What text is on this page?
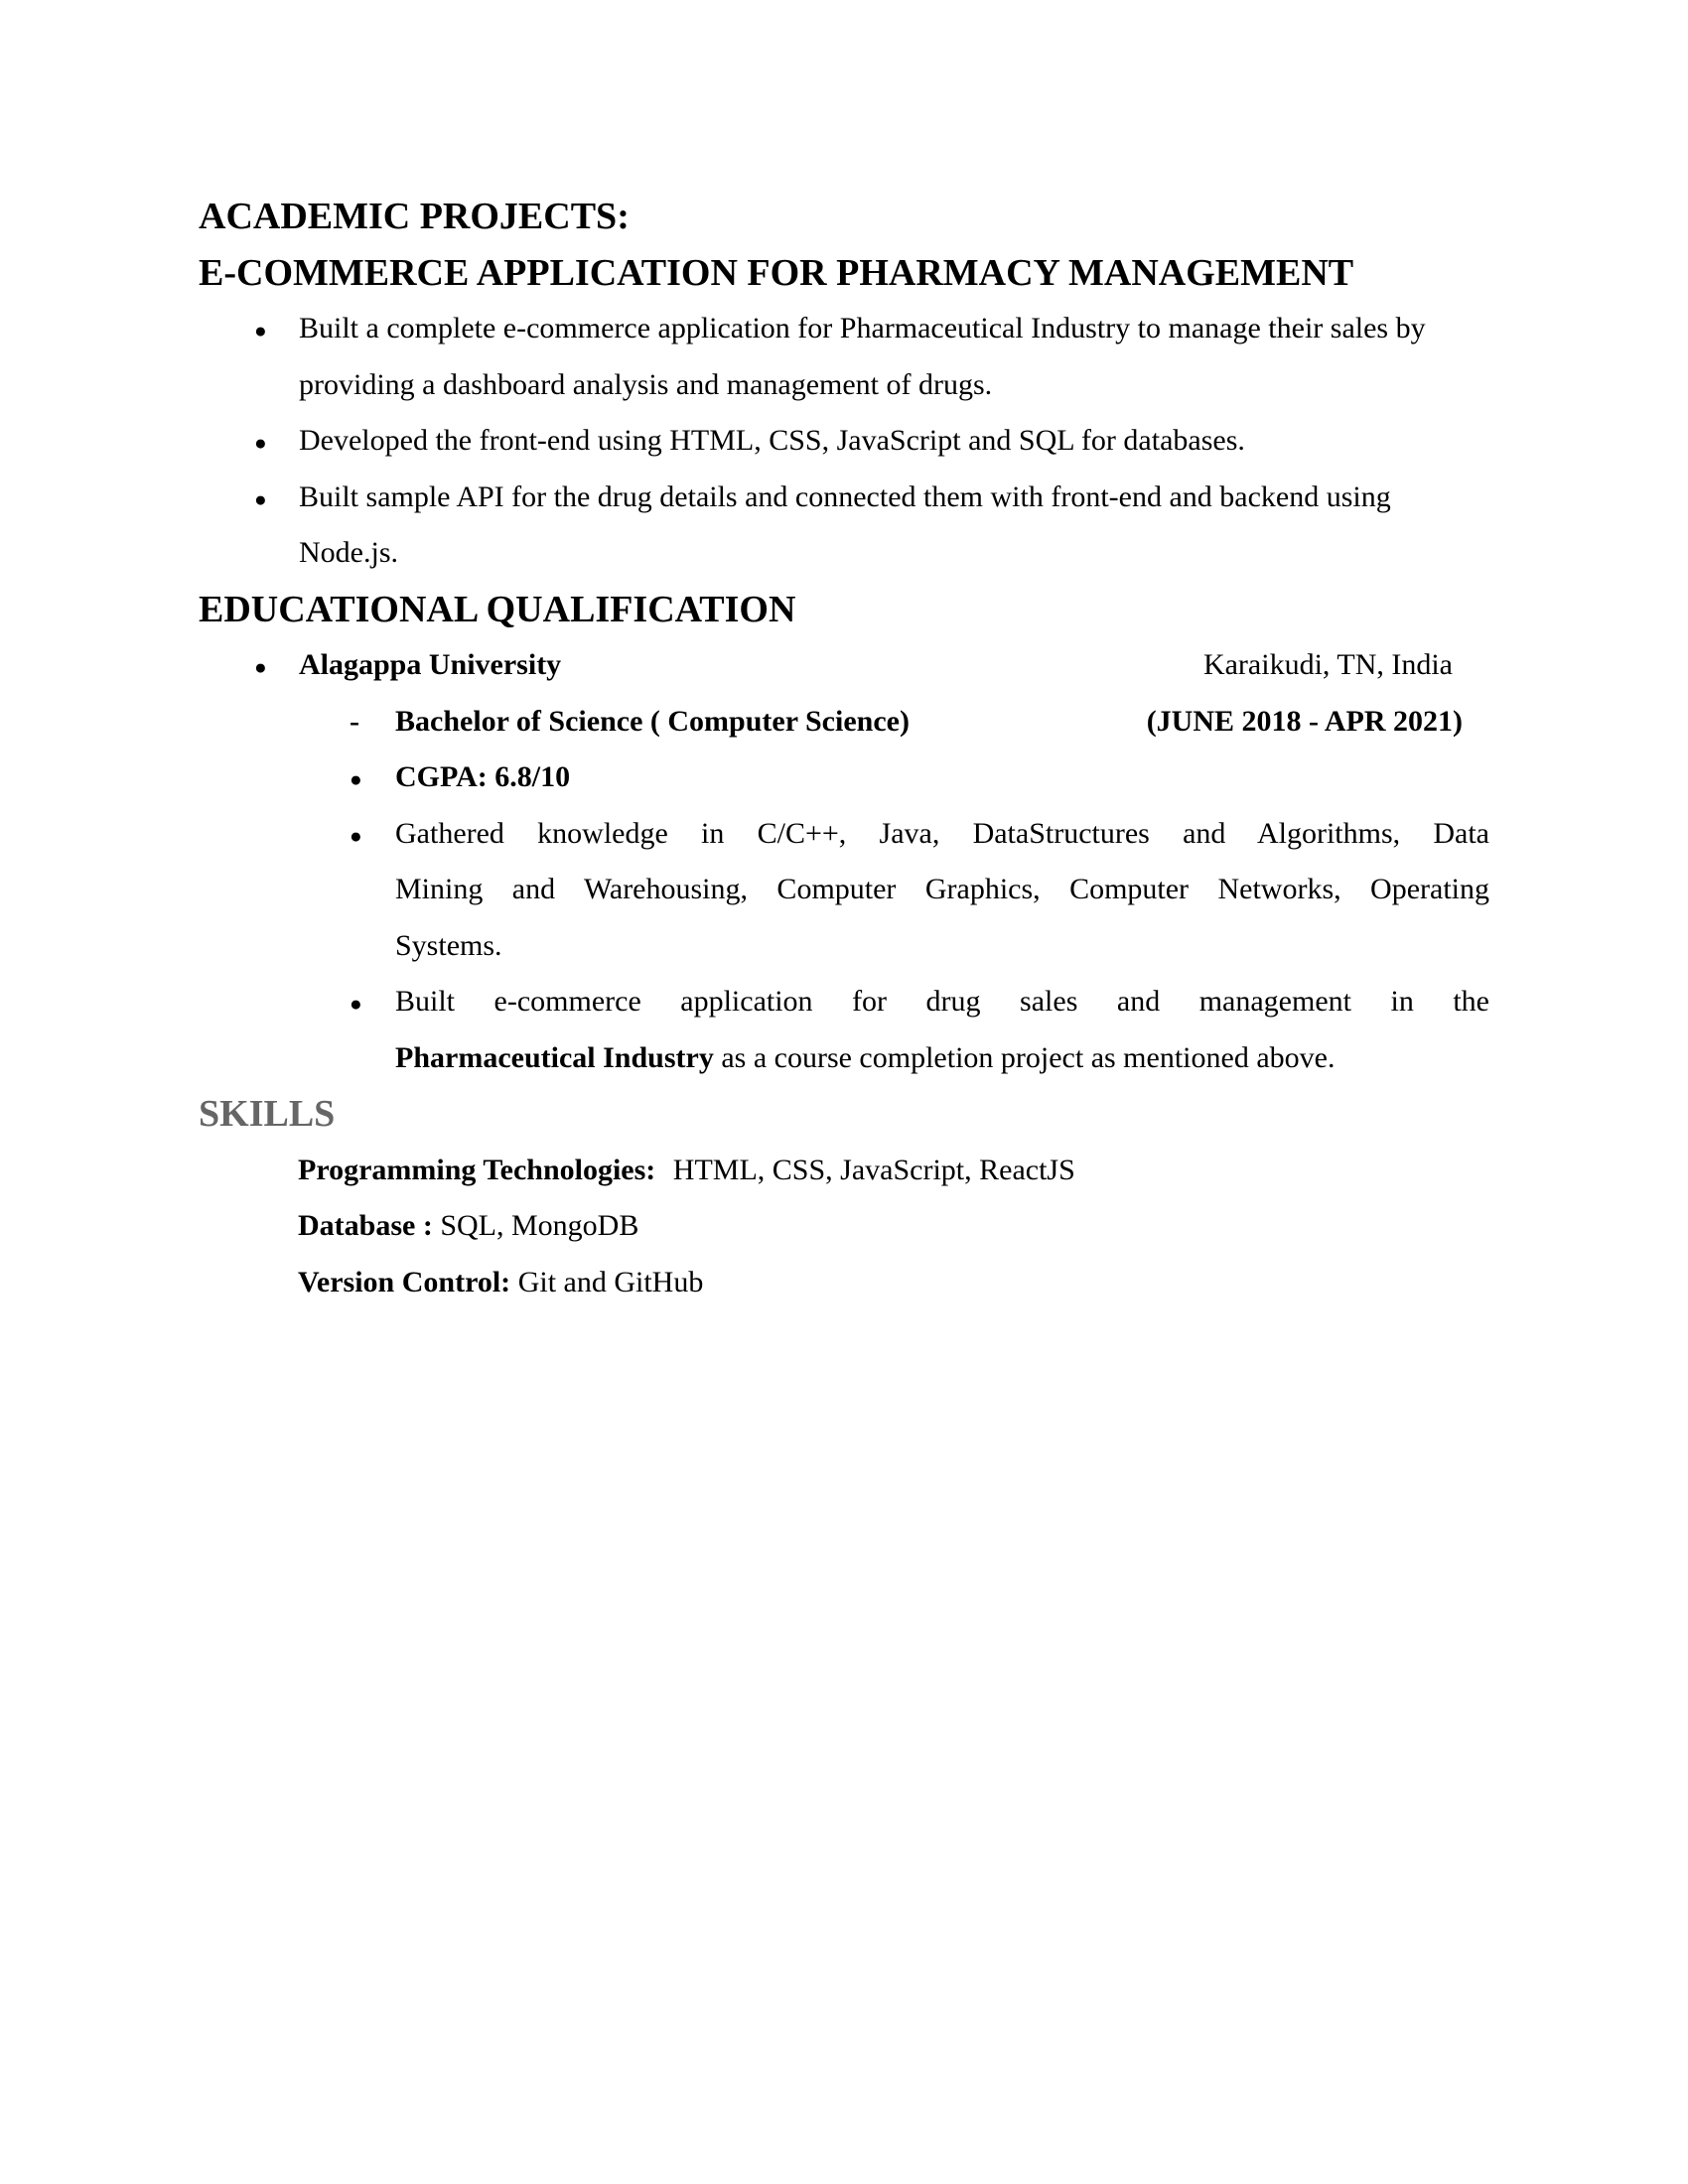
ACADEMIC PROJECTS:
E-COMMERCE APPLICATION FOR PHARMACY MANAGEMENT
●	Built a complete e-commerce application for Pharmaceutical Industry to manage their sales by providing a dashboard analysis and management of drugs.
●	Developed the front-end using HTML, CSS, JavaScript and SQL for databases.
●	Built sample API for the drug details and connected them with front-end and backend using Node.js.
EDUCATIONAL QUALIFICATION
●	Alagappa University	Karaikudi, TN, India
-	Bachelor of Science ( Computer Science)	(JUNE 2018 - APR 2021)
●	CGPA: 6.8/10
●	Gathered knowledge in C/C++, Java, DataStructures and Algorithms, Data
Mining and Warehousing, Computer Graphics, Computer Networks, Operating
Systems.
●	Built e-commerce application for drug sales and management in the
Pharmaceutical Industry as a course completion project as mentioned above.
SKILLS
Programming Technologies: HTML, CSS, JavaScript, ReactJS
Database : SQL, MongoDB
Version Control: Git and GitHub
